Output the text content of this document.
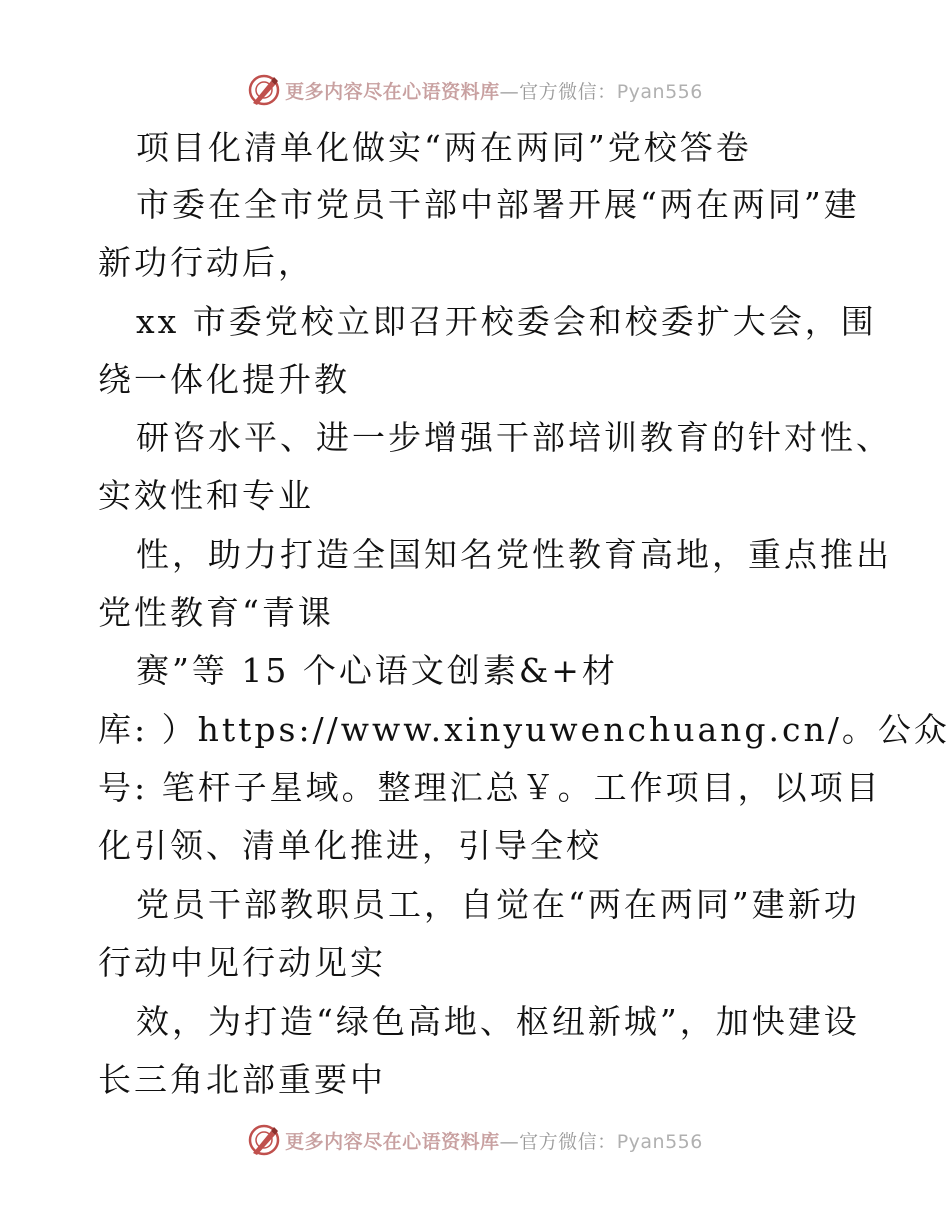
更多内容尽在心语资料库—官方微信：Pyan556
项目化清单化做实“两在两同”党校答卷
市委在全市党员干部中部署开展“两在两同”建
新功行动后，
xx 市委党校立即召开校委会和校委扩大会，围
绕一体化提升教
研咨水平、进一步增强干部培训教育的针对性、
实效性和专业
性，助力打造全国知名党性教育高地，重点推出
党性教育“青课
赛”等 15 个心语文创素&+材
库: ）https://www.xinyuwenchuang.cn/。公众
号: 笔杆子星域。整理汇总￥。工作项目，以项目
化引领、清单化推进，引导全校
党员干部教职员工，自觉在“两在两同”建新功
行动中见行动见实
效，为打造“绿色高地、枢纽新城”，加快建设
长三角北部重要中
更多内容尽在心语资料库—官方微信：Pyan556
